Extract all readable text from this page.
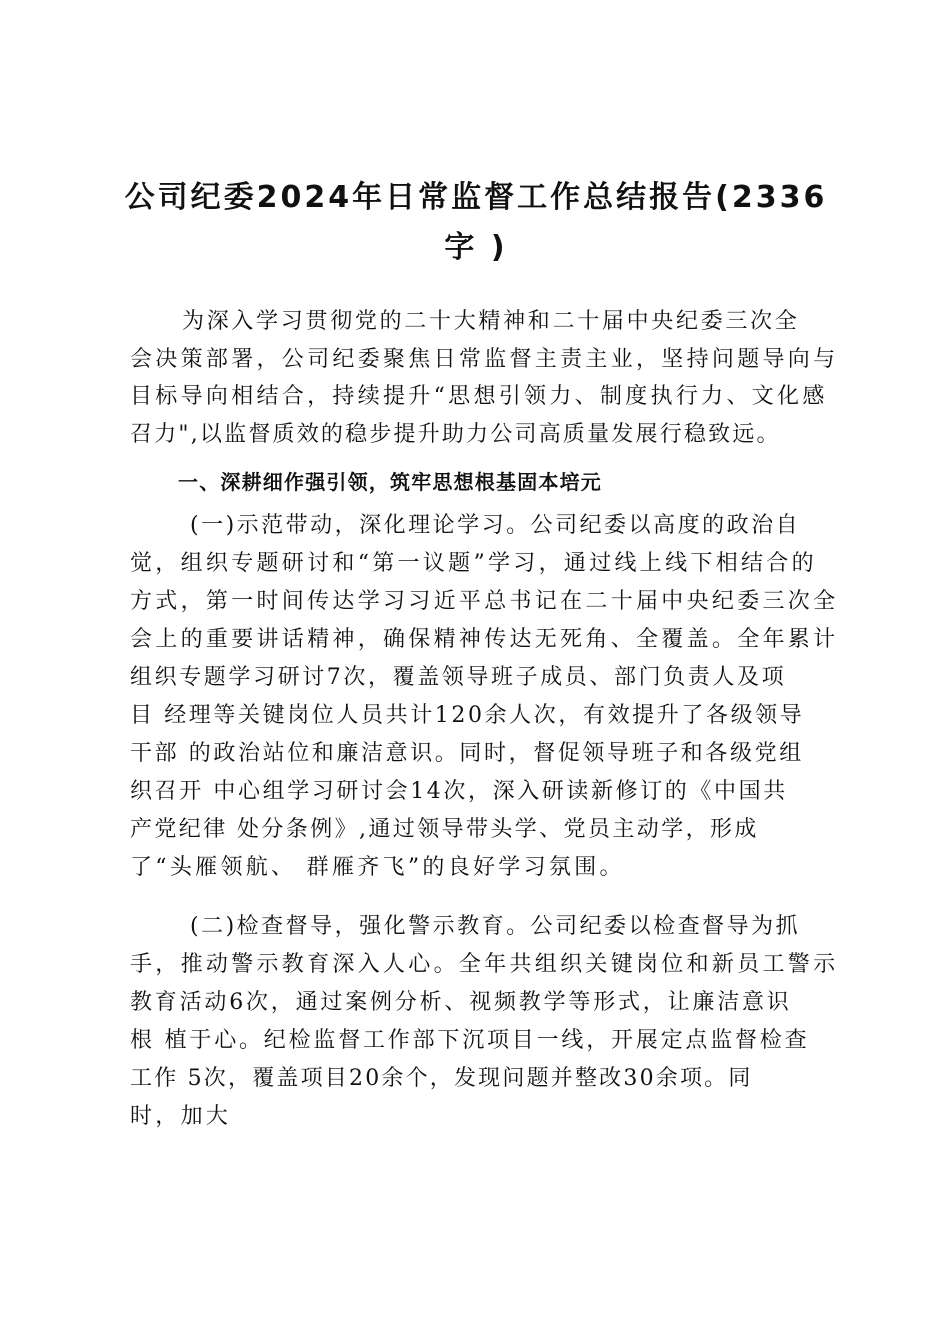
公司纪委2024年日常监督工作总结报告(2336
字 )
为深入学习贯彻党的二十大精神和二十届中央纪委三次全
会决策部署，公司纪委聚焦日常监督主责主业，坚持问题导向与
目标导向相结合，持续提升“思想引领力、制度执行力、文化感
召力",以监督质效的稳步提升助力公司高质量发展行稳致远。
一、深耕细作强引领，筑牢思想根基固本培元
(一)示范带动，深化理论学习。公司纪委以高度的政治自
觉，组织专题研讨和“第一议题”学习，通过线上线下相结合的
方式，第一时间传达学习习近平总书记在二十届中央纪委三次全
会上的重要讲话精神，确保精神传达无死角、全覆盖。全年累计
组织专题学习研讨7次，覆盖领导班子成员、部门负责人及项
目 经理等关键岗位人员共计120余人次，有效提升了各级领导
干部 的政治站位和廉洁意识。同时，督促领导班子和各级党组
织召开 中心组学习研讨会14次，深入研读新修订的《中国共
产党纪律 处分条例》,通过领导带头学、党员主动学，形成
了“头雁领航、 群雁齐飞”的良好学习氛围。
(二)检查督导，强化警示教育。公司纪委以检查督导为抓
手，推动警示教育深入人心。全年共组织关键岗位和新员工警示
教育活动6次，通过案例分析、视频教学等形式，让廉洁意识
根 植于心。纪检监督工作部下沉项目一线，开展定点监督检查
工作 5次，覆盖项目20余个，发现问题并整改30余项。同
时，加大
